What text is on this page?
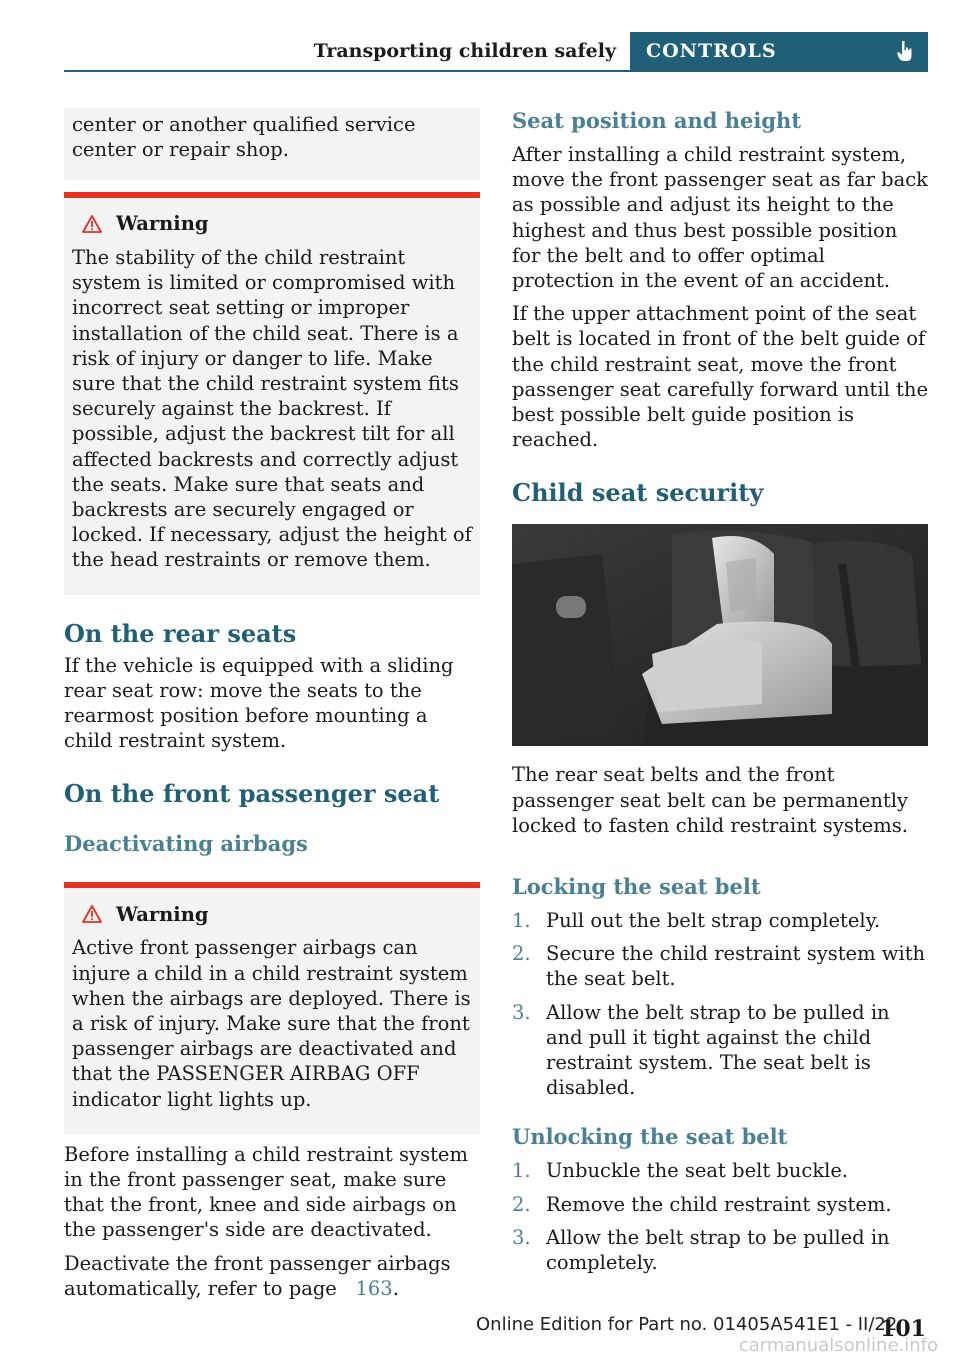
Transporting children safely	CONTROLS

center or another qualified service center or repair shop.

Warning

The stability of the child restraint system is limited or compromised with incorrect seat setting or improper installation of the child seat. There is a risk of injury or danger to life. Make sure that the child restraint system fits securely against the backrest. If possible, adjust the backrest tilt for all affected backrests and correctly adjust the seats. Make sure that seats and backrests are securely engaged or locked. If necessary, adjust the height of the head restraints or remove them.

On the rear seats

If the vehicle is equipped with a sliding rear seat row: move the seats to the rearmost position before mounting a child restraint system.

On the front passenger seat
Deactivating airbags
Warning

Active front passenger airbags can injure a child in a child restraint system when the airbags are deployed. There is a risk of injury. Make sure that the front passenger airbags are deactivated and that the PASSENGER AIRBAG OFF indicator light lights up.

Before installing a child restraint system in the front passenger seat, make sure that the front, knee and side airbags on the passenger's side are deactivated.

Deactivate the front passenger airbags automatically, refer to page 163.

Seat position and height

After installing a child restraint system, move the front passenger seat as far back as possible and adjust its height to the highest and thus best possible position for the belt and to offer optimal protection in the event of an accident.

If the upper attachment point of the seat belt is located in front of the belt guide of the child restraint seat, move the front passenger seat carefully forward until the best possible belt guide position is reached.

Child seat security

The rear seat belts and the front passenger seat belt can be permanently locked to fasten child restraint systems.

Locking the seat belt
1. Pull out the belt strap completely.
2. Secure the child restraint system with the seat belt.
3. Allow the belt strap to be pulled in and pull it tight against the child restraint system. The seat belt is disabled.
Unlocking the seat belt
1. Unbuckle the seat belt buckle.
2. Remove the child restraint system.
3. Allow the belt strap to be pulled in completely.
Online Edition for Part no. 01405A541E1 - II/22
101
carmanualsonline.info
